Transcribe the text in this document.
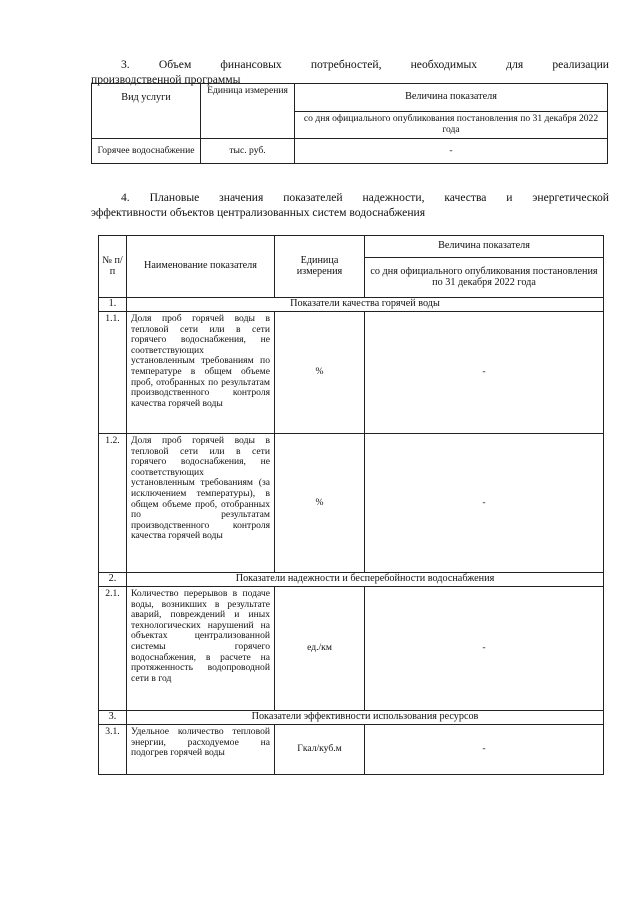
3. Объем финансовых потребностей, необходимых для реализации
производственной программы
Вид услуги	Единица измерения	Величина показателя
		со дня официального опубликования постановления по 31 декабря 2022 года
Горячее водоснабжение	тыс. руб.	-
4. Плановые значения показателей надежности, качества и энергетической
эффективности объектов централизованных систем водоснабжения
№ п/п	Наименование показателя	Единица измерения	Величина показателя
			со дня официального опубликования постановления по 31 декабря 2022 года
1.	Показатели качества горячей воды		
1.1.	Доля проб горячей воды в тепловой сети или в сети горячего водоснабжения, не соответствующих установленным требованиям по температуре в общем объеме проб, отобранных по результатам производственного контроля качества горячей воды	%	-
1.2.	Доля проб горячей воды в тепловой сети или в сети горячего водоснабжения, не соответствующих установленным требованиям (за исключением температуры), в общем объеме проб, отобранных по результатам производственного контроля качества горячей воды	%	-
2.	Показатели надежности и бесперебойности водоснабжения		
2.1.	Количество перерывов в подаче воды, возникших в результате аварий, повреждений и иных технологических нарушений на объектах централизованной системы горячего водоснабжения, в расчете на протяженность водопроводной сети в год	ед./км	-
3.	Показатели эффективности использования ресурсов		
3.1.	Удельное количество тепловой энергии, расходуемое на подогрев горячей воды	Гкал/куб.м	-
